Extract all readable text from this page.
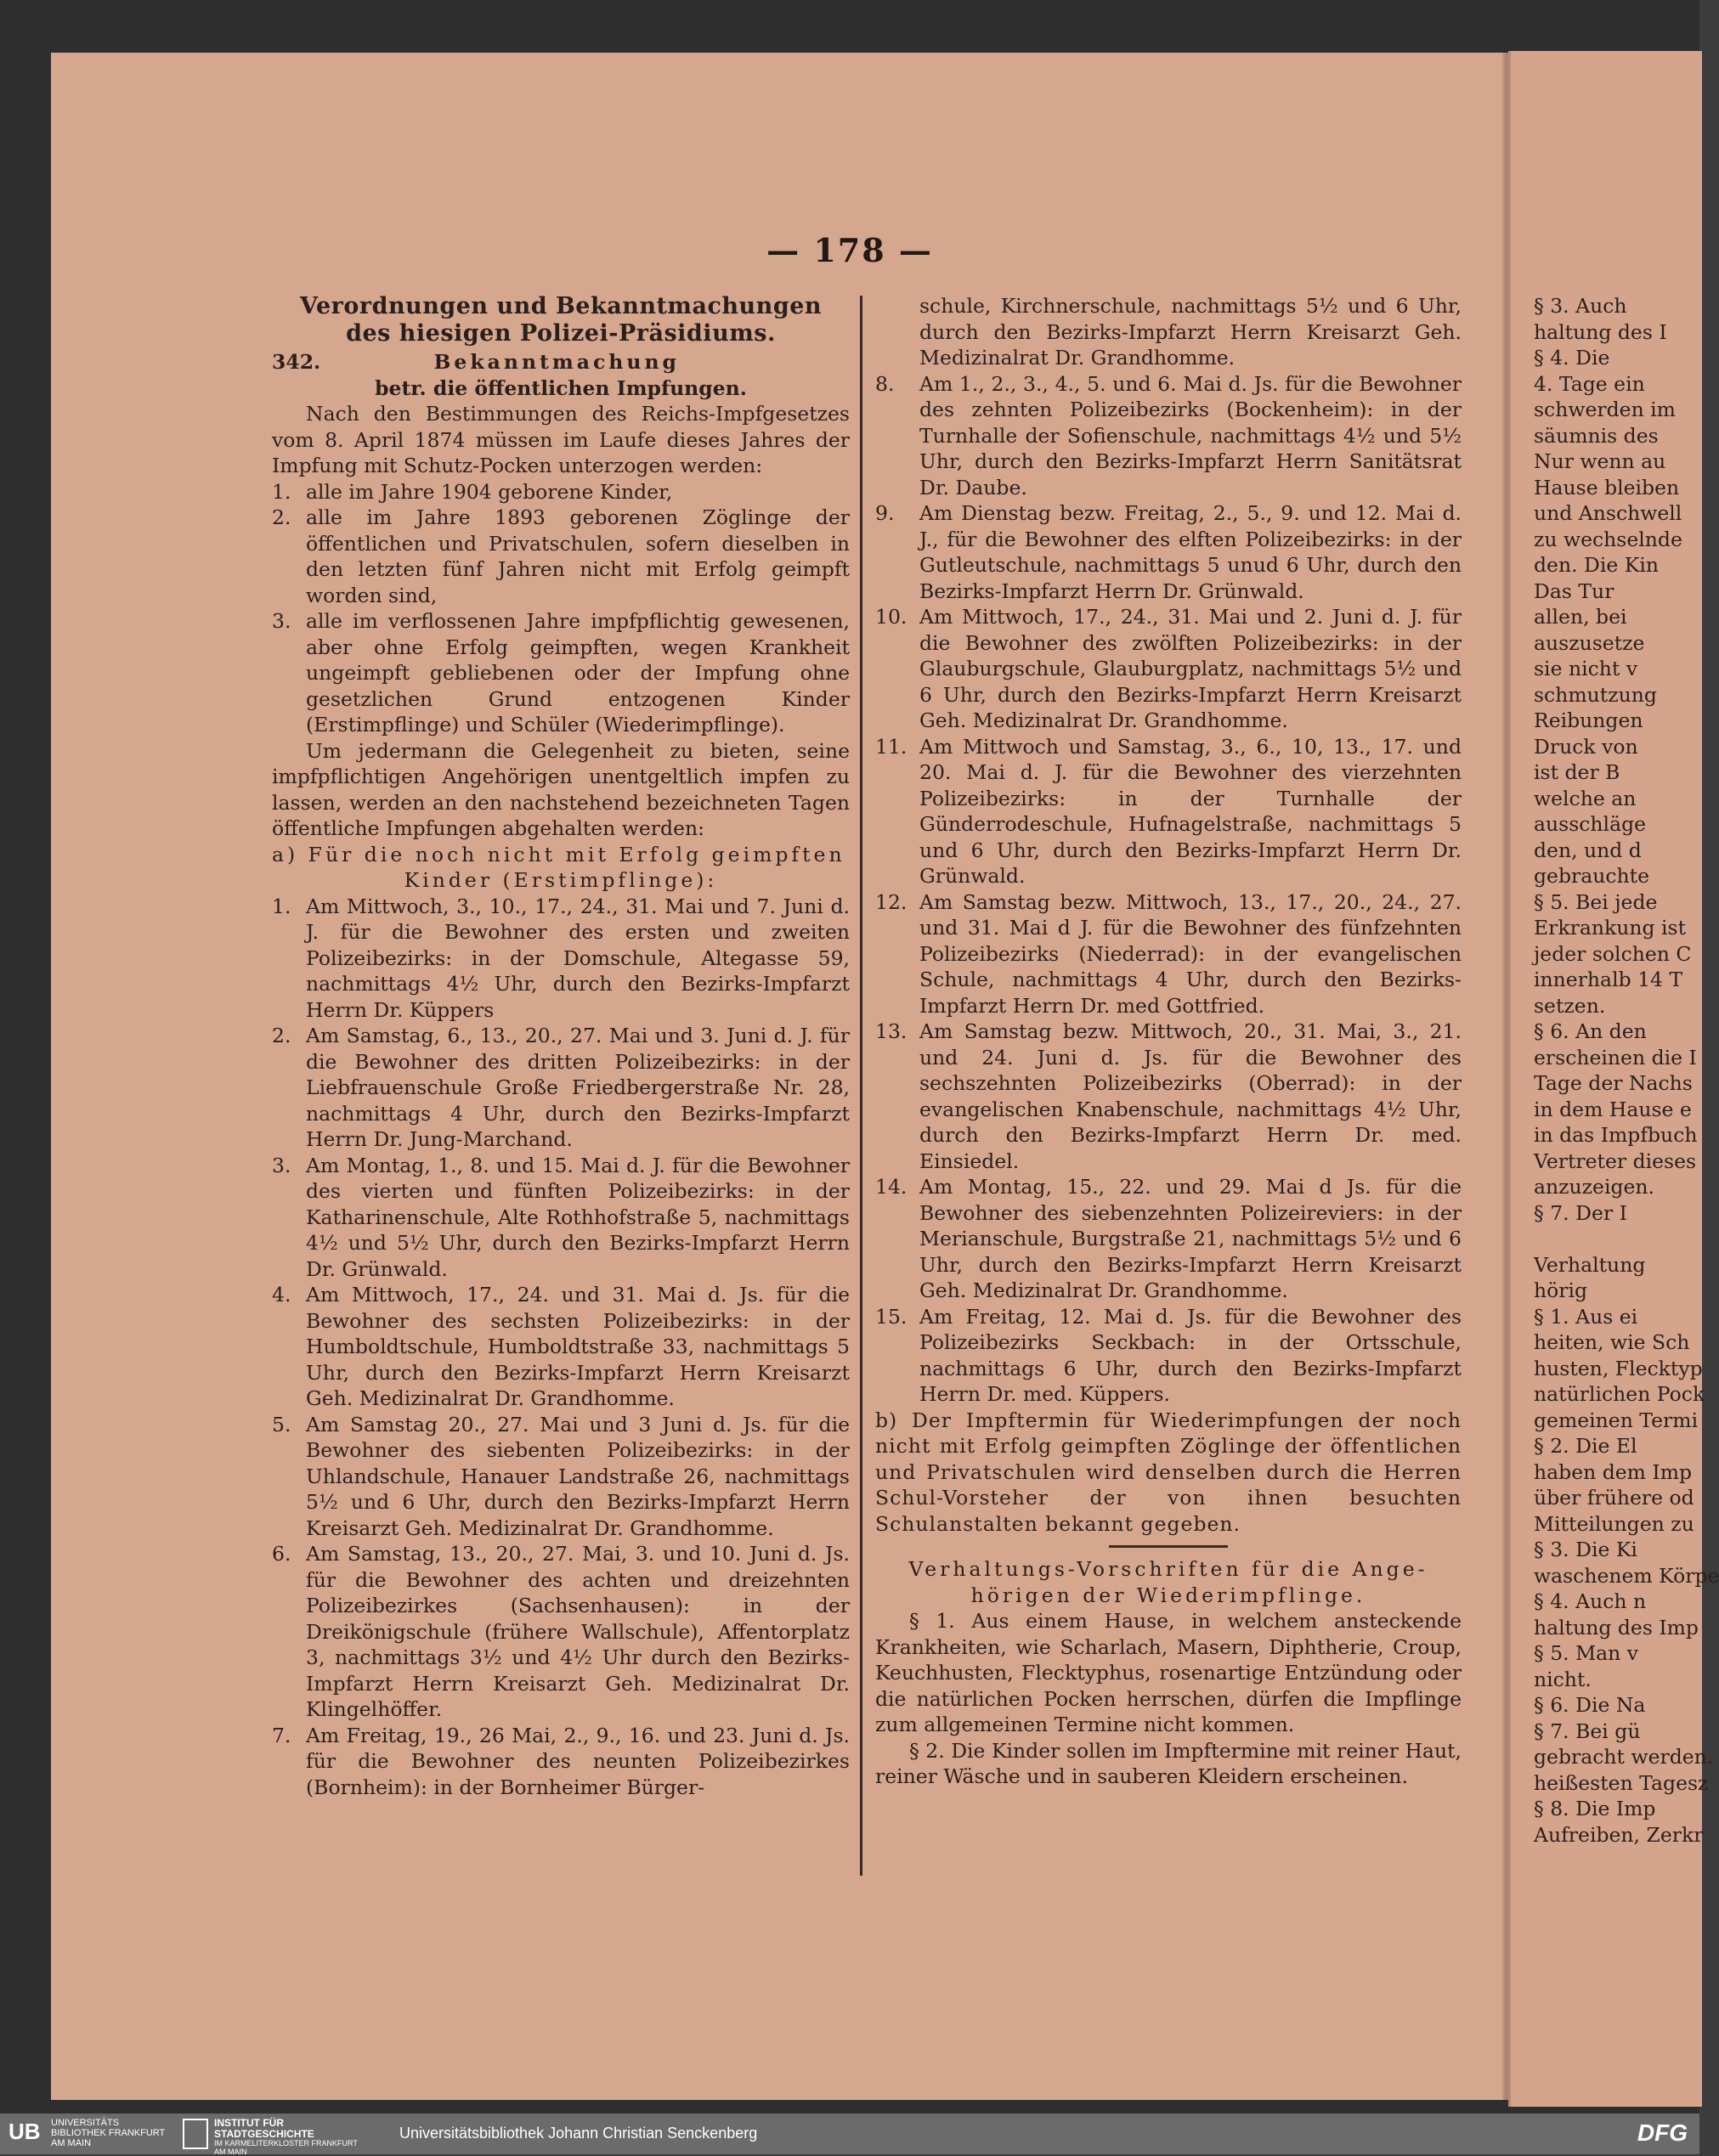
— 178 —
Verordnungen und Bekanntmachungen
des hiesigen Polizei-Präsidiums.
342.	Bekanntmachung
betr. die öffentlichen Impfungen.

Nach den Bestimmungen des Reichs-Impfgesetzes vom 8. April 1874 müssen im Laufe dieses Jahres der Impfung mit Schutz-Pocken unterzogen werden:

1. alle im Jahre 1904 geborene Kinder,
2. alle im Jahre 1893 geborenen Zöglinge der öffentlichen und Privatschulen, sofern dieselben in den letzten fünf Jahren nicht mit Erfolg geimpft worden sind,
3. alle im verflossenen Jahre impfpflichtig gewesenen, aber ohne Erfolg geimpften, wegen Krankheit ungeimpft gebliebenen oder der Impfung ohne gesetzlichen Grund entzogenen Kinder (Erstimpflinge) und Schüler (Wiederimpflinge).

Um jedermann die Gelegenheit zu bieten, seine impfpflichtigen Angehörigen unentgeltlich impfen zu lassen, werden an den nachstehend bezeichneten Tagen öffentliche Impfungen abgehalten werden:

a) Für die noch nicht mit Erfolg geimpften
Kinder (Erstimpflinge):
1. Am Mittwoch, 3., 10., 17., 24., 31. Mai und 7. Juni d. J. für die Bewohner des ersten und zweiten Polizeibezirks: in der Domschule, Altegasse 59, nachmittags 4½ Uhr, durch den Bezirks-Impfarzt Herrn Dr. Küppers
2. Am Samstag, 6., 13., 20., 27. Mai und 3. Juni d. J. für die Bewohner des dritten Polizeibezirks: in der Liebfrauenschule Große Friedbergerstraße Nr. 28, nachmittags 4 Uhr, durch den Bezirks-Impfarzt Herrn Dr. Jung-Marchand.
3. Am Montag, 1., 8. und 15. Mai d. J. für die Bewohner des vierten und fünften Polizeibezirks: in der Katharinenschule, Alte Rothhofstraße 5, nachmittags 4½ und 5½ Uhr, durch den Bezirks-Impfarzt Herrn Dr. Grünwald.
4. Am Mittwoch, 17., 24. und 31. Mai d. Js. für die Bewohner des sechsten Polizeibezirks: in der Humboldtschule, Humboldtstraße 33, nachmittags 5 Uhr, durch den Bezirks-Impfarzt Herrn Kreisarzt Geh. Medizinalrat Dr. Grandhomme.
5. Am Samstag 20., 27. Mai und 3 Juni d. Js. für die Bewohner des siebenten Polizeibezirks: in der Uhlandschule, Hanauer Landstraße 26, nachmittags 5½ und 6 Uhr, durch den Bezirks-Impfarzt Herrn Kreisarzt Geh. Medizinalrat Dr. Grandhomme.
6. Am Samstag, 13., 20., 27. Mai, 3. und 10. Juni d. Js. für die Bewohner des achten und dreizehnten Polizeibezirkes (Sachsenhausen): in der Dreikönigschule (frühere Wallschule), Affentorplatz 3, nachmittags 3½ und 4½ Uhr durch den Bezirks-Impfarzt Herrn Kreisarzt Geh. Medizinalrat Dr. Klingelhöffer.
7. Am Freitag, 19., 26 Mai, 2., 9., 16. und 23. Juni d. Js. für die Bewohner des neunten Polizeibezirkes (Bornheim): in der Bornheimer Bürger-
schule, Kirchnerschule, nachmittags 5½ und 6 Uhr, durch den Bezirks-Impfarzt Herrn Kreisarzt Geh. Medizinalrat Dr. Grandhomme.
8.	Am 1., 2., 3., 4., 5. und 6. Mai d. Js. für die Bewohner des zehnten Polizeibezirks (Bockenheim): in der Turnhalle der Sofienschule, nachmittags 4½ und 5½ Uhr, durch den Bezirks-Impfarzt Herrn Sanitätsrat Dr. Daube.
9.	Am Dienstag bezw. Freitag, 2., 5., 9. und 12. Mai d. J., für die Bewohner des elften Polizeibezirks: in der Gutleutschule, nachmittags 5 unud 6 Uhr, durch den Bezirks-Impfarzt Herrn Dr. Grünwald.
10. Am Mittwoch, 17., 24., 31. Mai und 2. Juni d. J. für die Bewohner des zwölften Polizeibezirks: in der Glauburgschule, Glauburgplatz, nachmittags 5½ und 6 Uhr, durch den Bezirks-Impfarzt Herrn Kreisarzt Geh. Medizinalrat Dr. Grandhomme.
11. Am Mittwoch und Samstag, 3., 6., 10, 13., 17. und 20. Mai d. J. für die Bewohner des vierzehnten Polizeibezirks: in der Turnhalle der Günderrodeschule, Hufnagelstraße, nachmittags 5 und 6 Uhr, durch den Bezirks-Impfarzt Herrn Dr. Grünwald.
12. Am Samstag bezw. Mittwoch, 13., 17., 20., 24., 27. und 31. Mai d J. für die Bewohner des fünfzehnten Polizeibezirks (Niederrad): in der evangelischen Schule, nachmittags 4 Uhr, durch den Bezirks-Impfarzt Herrn Dr. med Gottfried.
13. Am Samstag bezw. Mittwoch, 20., 31. Mai, 3., 21. und 24. Juni d. Js. für die Bewohner des sechszehnten Polizeibezirks (Oberrad): in der evangelischen Knabenschule, nachmittags 4½ Uhr, durch den Bezirks-Impfarzt Herrn Dr. med. Einsiedel.
14. Am Montag, 15., 22. und 29. Mai d Js. für die Bewohner des siebenzehnten Polizeireviers: in der Merianschule, Burgstraße 21, nachmittags 5½ und 6 Uhr, durch den Bezirks-Impfarzt Herrn Kreisarzt Geh. Medizinalrat Dr. Grandhomme.
15. Am Freitag, 12. Mai d. Js. für die Bewohner des Polizeibezirks Seckbach: in der Ortsschule, nachmittags 6 Uhr, durch den Bezirks-Impfarzt Herrn Dr. med. Küppers.
b) Der Impftermin für Wiederimpfungen der noch nicht mit Erfolg geimpften Zöglinge der öffentlichen und Privatschulen wird denselben durch die Herren Schul-Vorsteher der von ihnen besuchten Schulanstalten bekannt gegeben.
Verhaltungs-Vorschriften für die Ange-
hörigen der Wiederimpflinge.

§ 1. Aus einem Hause, in welchem ansteckende Krankheiten, wie Scharlach, Masern, Diphtherie, Croup, Keuchhusten, Flecktyphus, rosenartige Entzündung oder die natürlichen Pocken herrschen, dürfen die Impflinge zum allgemeinen Termine nicht kommen.

§ 2. Die Kinder sollen im Impftermine mit reiner Haut, reiner Wäsche und in sauberen Kleidern erscheinen.

§ 3. Auch
haltung des I
§ 4. Die
4. Tage ein
schwerden im
säumnis des
Nur wenn au
Hause bleiben
und Anschwell
zu wechselnde
den. Die Kin
Das Tur
allen, bei
auszusetze
sie nicht v
schmutzung
Reibungen
Druck von
ist der B
welche an
ausschläge
den, und d
gebrauchte
§ 5. Bei jede
Erkrankung ist
jeder solchen C
innerhalb 14 T
setzen.
§ 6. An den
erscheinen die I
Tage der Nachs
in dem Hause e
in das Impfbuch
Vertreter dieses
anzuzeigen.
§ 7. Der I

Verhaltung
hörig
§ 1. Aus ei
heiten, wie Sch
husten, Flecktyp
natürlichen Pock
gemeinen Termi
§ 2. Die El
haben dem Imp
über frühere od
Mitteilungen zu
§ 3. Die Ki
waschenem Körpe
§ 4. Auch n
haltung des Imp
§ 5. Man v
nicht.
§ 6. Die Na
§ 7. Bei gü
gebracht werden.
heißesten Tagesz
§ 8. Die Imp
Aufreiben, Zerkr
UB UNIVERSITÄTS BIBLIOTHEK FRANKFURT AM MAIN
INSTITUT FÜR STADTGESCHICHTE
IM KARMELITERKLOSTER FRANKFURT AM MAIN
Universitätsbibliothek Johann Christian Senckenberg	DFG
